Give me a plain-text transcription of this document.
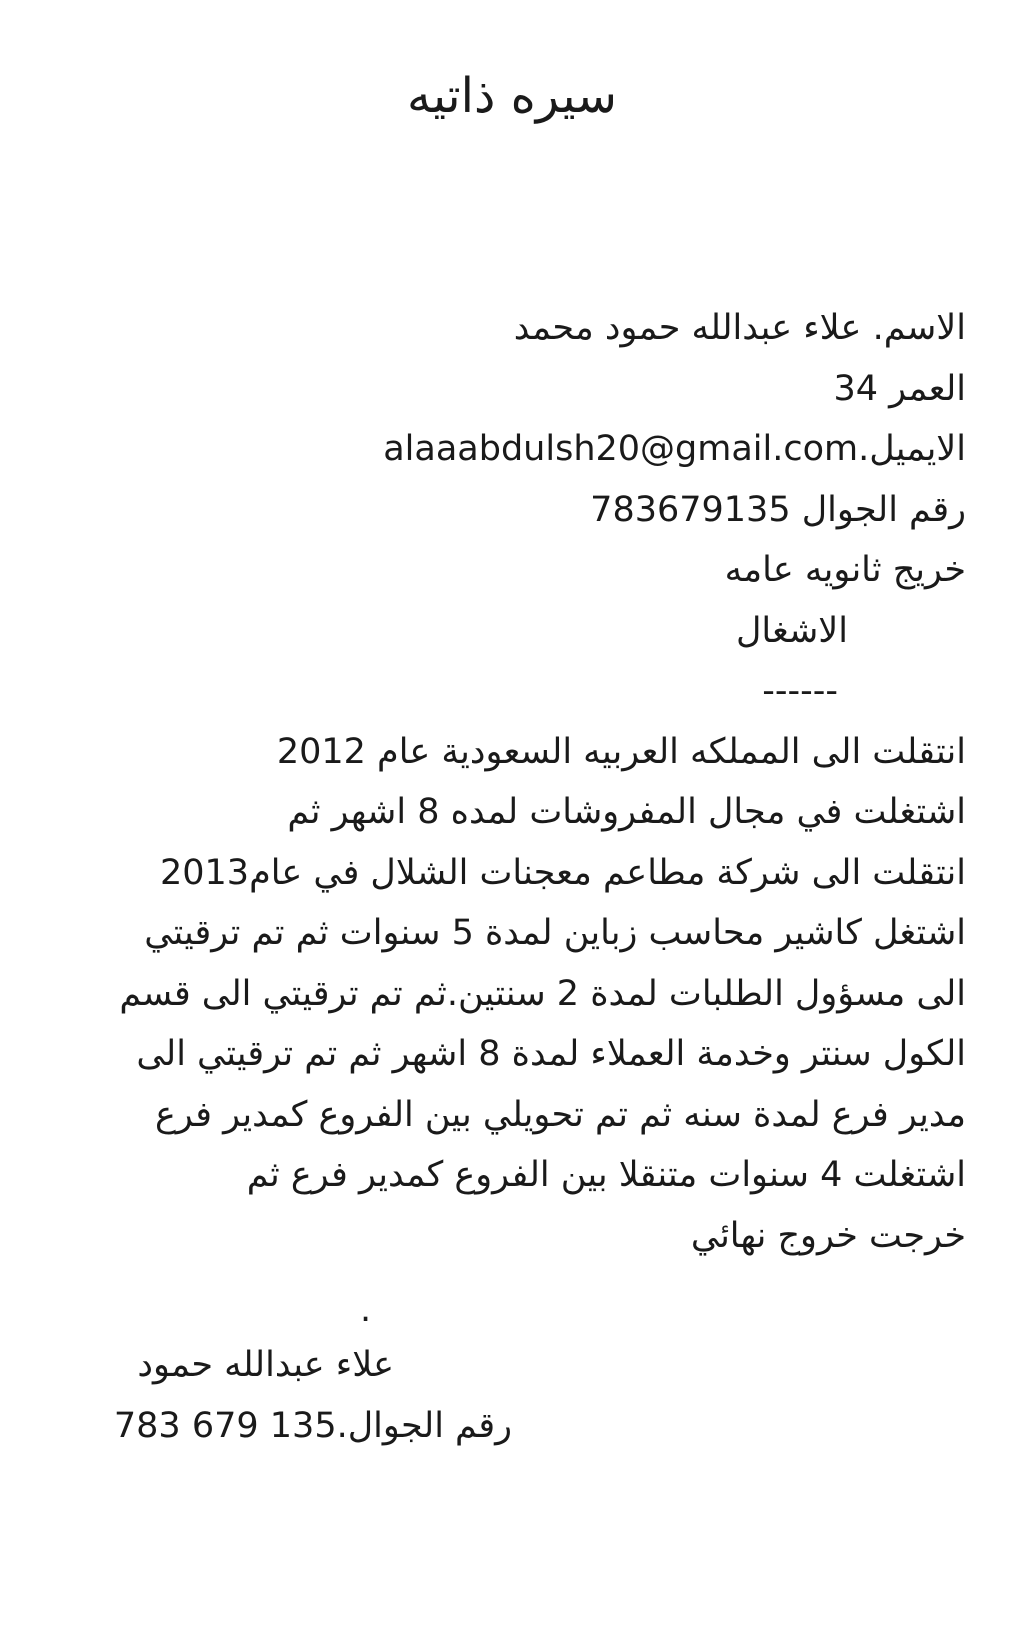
سيره ذاتيه
الاسم. علاء عبدالله حمود محمد
العمر 34
الايميل.alaaabdulsh20@gmail.com
رقم الجوال 783679135
خريج ثانويه عامه
الاشغال
------
انتقلت الى المملكه العربيه السعودية عام 2012
اشتغلت في مجال المفروشات لمده 8 اشهر ثم
انتقلت الى شركة مطاعم معجنات الشلال في عام2013
اشتغل كاشير محاسب زباين لمدة 5 سنوات ثم تم ترقيتي
الى مسؤول الطلبات لمدة 2 سنتين.ثم تم ترقيتي الى قسم
الكول سنتر وخدمة العملاء لمدة 8 اشهر ثم تم ترقيتي الى
مدير فرع لمدة سنه ثم تم تحويلي بين الفروع كمدير فرع
اشتغلت 4 سنوات متنقلا بين الفروع كمدير فرع ثم
خرجت خروج نهائي
.
علاء عبدالله حمود
رقم الجوال.135 679 783
